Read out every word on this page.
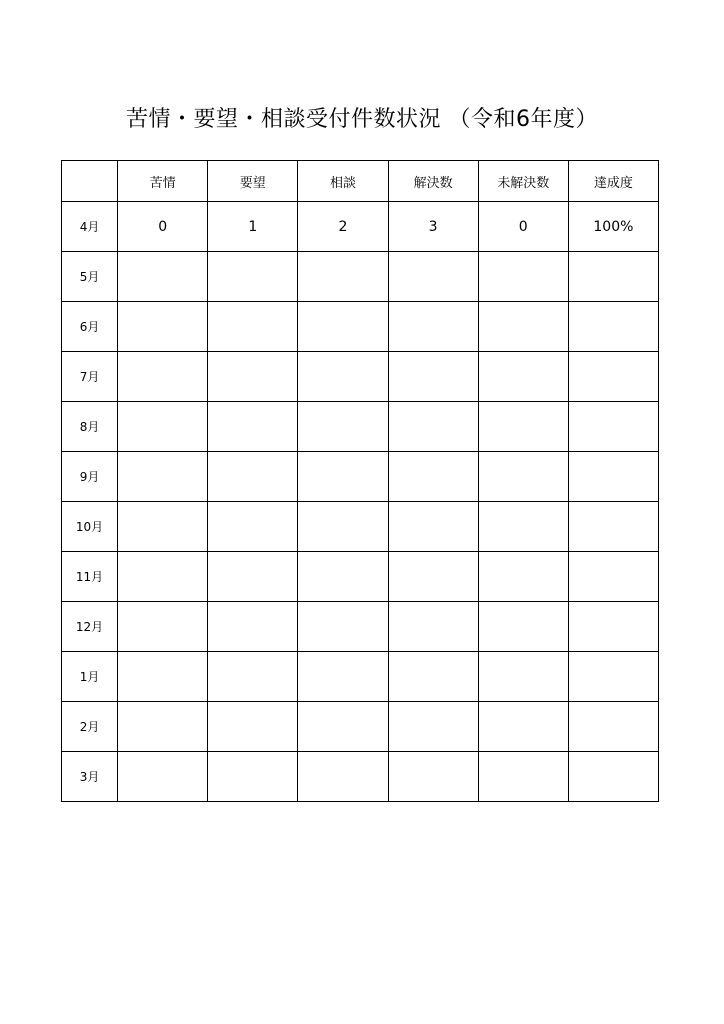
苦情・要望・相談受付件数状況 （令和6年度）
	苦情	要望	相談	解決数	未解決数	達成度
4月	0	1	2	3	0	100%
5月						
6月						
7月						
8月						
9月						
10月						
11月						
12月						
1月						
2月						
3月						
